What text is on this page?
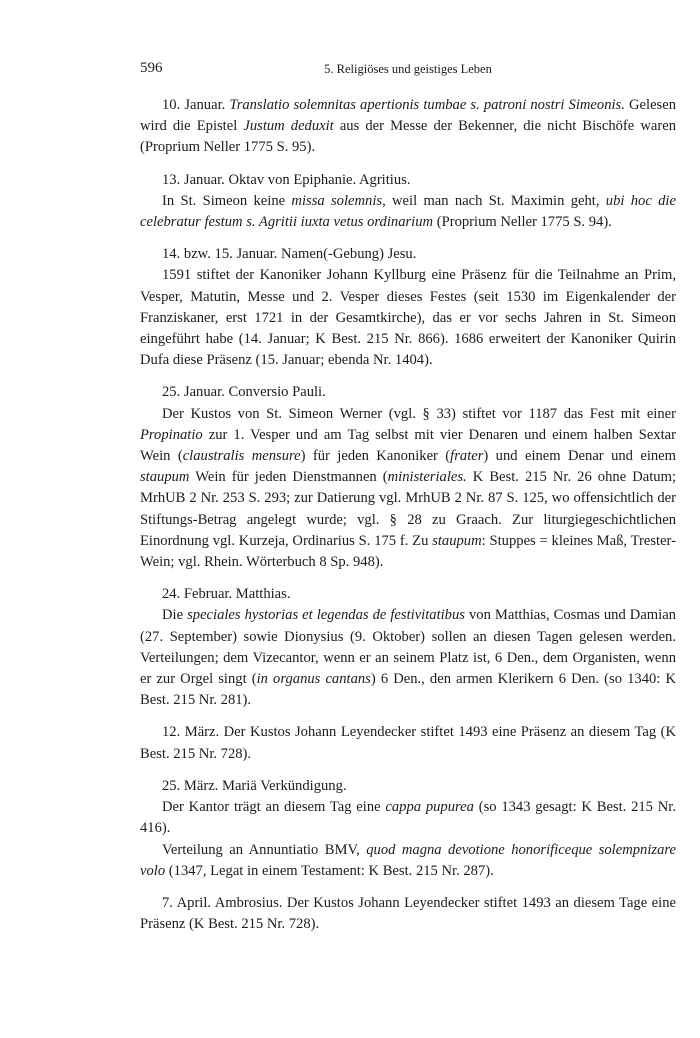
596	5. Religiöses und geistiges Leben

10. Januar. Translatio solemnitas apertionis tumbae s. patroni nostri Simeonis. Gelesen wird die Epistel Justum deduxit aus der Messe der Bekenner, die nicht Bischöfe waren (Proprium Neller 1775 S. 95).

13. Januar. Oktav von Epiphanie. Agritius.

In St. Simeon keine missa solemnis, weil man nach St. Maximin geht, ubi hoc die celebratur festum s. Agritii iuxta vetus ordinarium (Proprium Neller 1775 S. 94).

14. bzw. 15. Januar. Namen(-Gebung) Jesu.

1591 stiftet der Kanoniker Johann Kyllburg eine Präsenz für die Teilnahme an Prim, Vesper, Matutin, Messe und 2. Vesper dieses Festes (seit 1530 im Eigenkalender der Franziskaner, erst 1721 in der Gesamtkirche), das er vor sechs Jahren in St. Simeon eingeführt habe (14. Januar; K Best. 215 Nr. 866). 1686 erweitert der Kanoniker Quirin Dufa diese Präsenz (15. Januar; ebenda Nr. 1404).

25. Januar. Conversio Pauli.

Der Kustos von St. Simeon Werner (vgl. § 33) stiftet vor 1187 das Fest mit einer Propinatio zur 1. Vesper und am Tag selbst mit vier Denaren und einem halben Sextar Wein (claustralis mensure) für jeden Kanoniker (frater) und einem Denar und einem staupum Wein für jeden Dienstmannen (ministeriales. K Best. 215 Nr. 26 ohne Datum; MrhUB 2 Nr. 253 S. 293; zur Datierung vgl. MrhUB 2 Nr. 87 S. 125, wo offensichtlich der Stiftungs-Betrag angelegt wurde; vgl. § 28 zu Graach. Zur liturgiegeschichtlichen Einordnung vgl. Kurzeja, Ordinarius S. 175 f. Zu staupum: Stuppes = kleines Maß, Trester-Wein; vgl. Rhein. Wörterbuch 8 Sp. 948).

24. Februar. Matthias.

Die speciales hystorias et legendas de festivitatibus von Matthias, Cosmas und Damian (27. September) sowie Dionysius (9. Oktober) sollen an diesen Tagen gelesen werden. Verteilungen; dem Vizecantor, wenn er an seinem Platz ist, 6 Den., dem Organisten, wenn er zur Orgel singt (in organus cantans) 6 Den., den armen Klerikern 6 Den. (so 1340: K Best. 215 Nr. 281).

12. März. Der Kustos Johann Leyendecker stiftet 1493 eine Präsenz an diesem Tag (K Best. 215 Nr. 728).

25. März. Mariä Verkündigung.

Der Kantor trägt an diesem Tag eine cappa pupurea (so 1343 gesagt: K Best. 215 Nr. 416).

Verteilung an Annuntiatio BMV, quod magna devotione honorificeque solempnizare volo (1347, Legat in einem Testament: K Best. 215 Nr. 287).

7. April. Ambrosius. Der Kustos Johann Leyendecker stiftet 1493 an diesem Tage eine Präsenz (K Best. 215 Nr. 728).
